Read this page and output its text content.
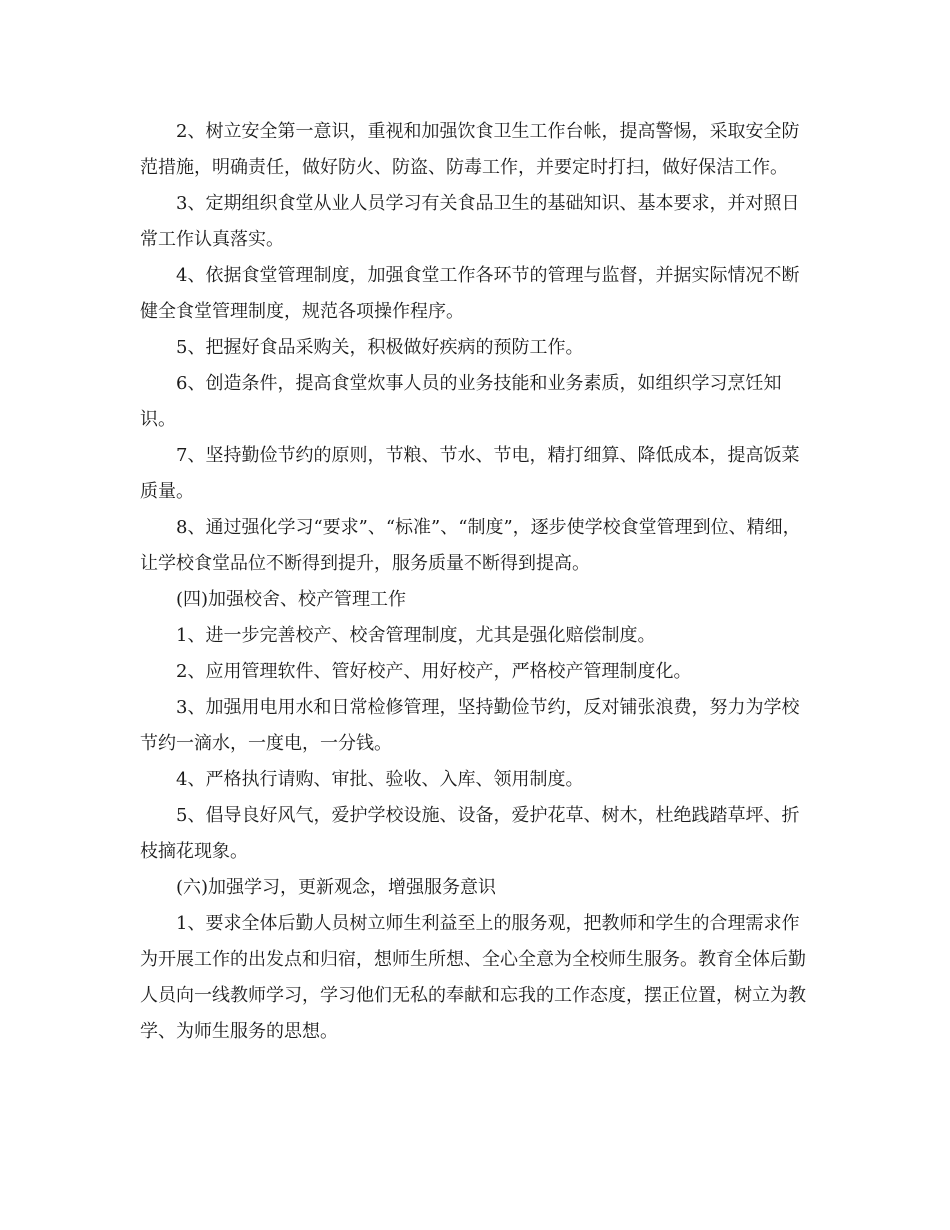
2、树立安全第一意识，重视和加强饮食卫生工作台帐，提高警惕，采取安全防范措施，明确责任，做好防火、防盗、防毒工作，并要定时打扫，做好保洁工作。

3、定期组织食堂从业人员学习有关食品卫生的基础知识、基本要求，并对照日常工作认真落实。

4、依据食堂管理制度，加强食堂工作各环节的管理与监督，并据实际情况不断健全食堂管理制度，规范各项操作程序。

5、把握好食品采购关，积极做好疾病的预防工作。

6、创造条件，提高食堂炊事人员的业务技能和业务素质，如组织学习烹饪知识。

7、坚持勤俭节约的原则，节粮、节水、节电，精打细算、降低成本，提高饭菜质量。

8、通过强化学习“要求”、“标准”、“制度”，逐步使学校食堂管理到位、精细，让学校食堂品位不断得到提升，服务质量不断得到提高。

(四)加强校舍、校产管理工作

1、进一步完善校产、校舍管理制度，尤其是强化赔偿制度。

2、应用管理软件、管好校产、用好校产，严格校产管理制度化。

3、加强用电用水和日常检修管理，坚持勤俭节约，反对铺张浪费，努力为学校节约一滴水，一度电，一分钱。

4、严格执行请购、审批、验收、入库、领用制度。

5、倡导良好风气，爱护学校设施、设备，爱护花草、树木，杜绝践踏草坪、折枝摘花现象。

(六)加强学习，更新观念，增强服务意识

1、要求全体后勤人员树立师生利益至上的服务观，把教师和学生的合理需求作为开展工作的出发点和归宿，想师生所想、全心全意为全校师生服务。教育全体后勤人员向一线教师学习，学习他们无私的奉献和忘我的工作态度，摆正位置，树立为教学、为师生服务的思想。
